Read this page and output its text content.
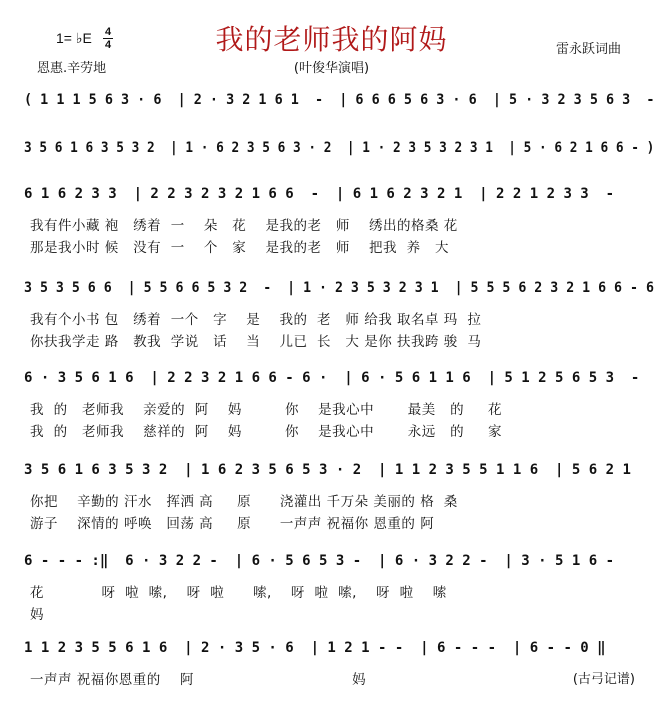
1= ♭E 4
4	我的老师我的阿妈	雷永跃词曲
恩惠.辛劳地	(叶俊华演唱)
( 1 1 1 5 6 3 · 6  | 2 · 3 2 1 6 1  -  | 6 6 6 5 6 3 · 6  | 5 · 3 2 3 5 6 3  -
3 5 6 1 6 3 5 3 2  | 1 · 6 2 3 5 6 3 · 2  | 1 · 2 3 5 3 2 3 1  | 5 · 6 2 1 6 6 - )
6 1 6 2 3 3  | 2 2 3 2 3 2 1 6 6  -  | 6 1 6 2 3 2 1  | 2 2 1 2 3 3  -
我有件小藏 袍   绣着  一    朵   花    是我的老   师    绣出的格桑 花
那是我小时 候   没有  一    个   家    是我的老   师    把我  养   大
3 5 3 5 6 6  | 5 5 6 6 5 3 2  -  | 1 · 2 3 5 3 2 3 1  | 5 5 5 6 2 3 2 1 6 6 - 6
我有个小书 包   绣着  一个   字    是    我的  老   师 给我 取名卓 玛  拉
你扶我学走 路   教我  学说   话    当    儿已  长   大 是你 扶我跨 骏  马
6 · 3 5 6 1 6  | 2 2 3 2 1 6 6 - 6 ·  | 6 · 5 6 1 1 6  | 5 1 2 5 6 5 3  -
我  的   老师我    亲爱的  阿    妈         你    是我心中       最美   的     花
我  的   老师我    慈祥的  阿    妈         你    是我心中       永远   的     家
3 5 6 1 6 3 5 3 2  | 1 6 2 3 5 6 5 3 · 2  | 1 1 2 3 5 5 1 1 6  | 5 6 2 1
你把    辛勤的 汗水   挥洒 高     原      浇灌出 千万朵 美丽的 格  桑
游子    深情的 呼唤   回荡 高     原      一声声 祝福你 恩重的 阿
6 - - - :‖  6 · 3 2 2 -  | 6 · 5 6 5 3 -  | 6 · 3 2 2 -  | 3 · 5 1 6 -
花            呀  啦  嗦,    呀  啦      嗦,    呀  啦  嗦,    呀  啦    嗦
妈
1 1 2 3 5 5 6 1 6  | 2 · 3 5 · 6  | 1 2 1 - -  | 6 - - -  | 6 - - 0 ‖
一声声 祝福你恩重的    阿                                 妈	(古弓记谱)
